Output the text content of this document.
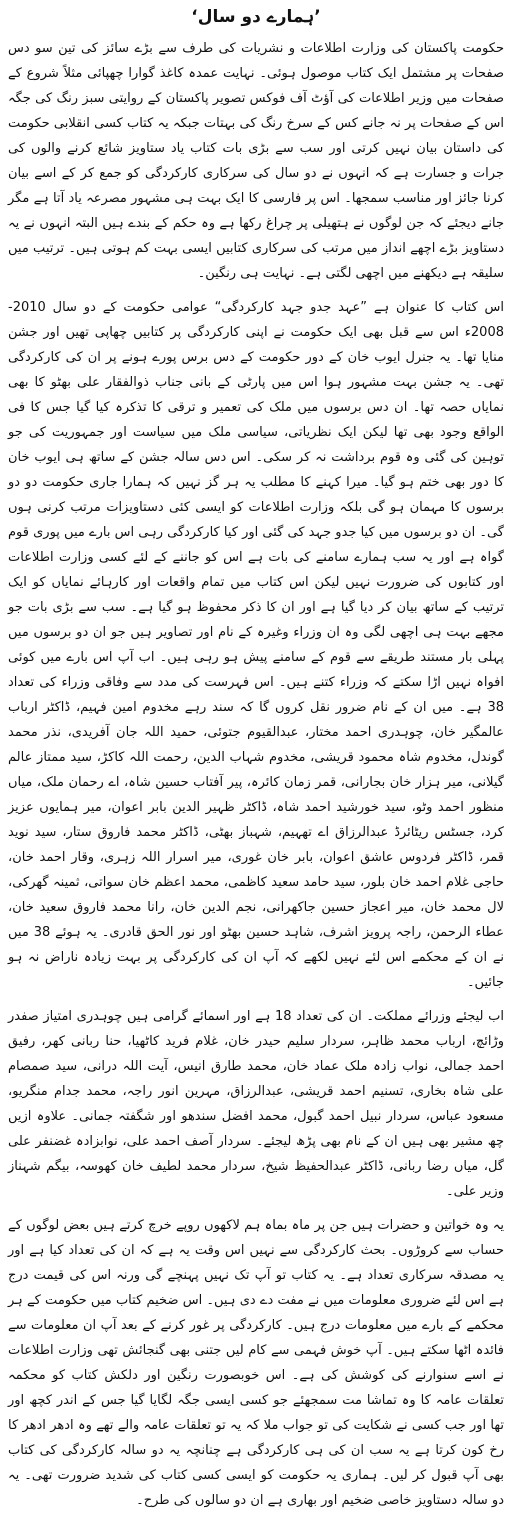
’ہمارے دو سال‘

حکومت پاکستان کی وزارت اطلاعات و نشریات کی طرف سے بڑے سائز کی تین سو دس صفحات پر مشتمل ایک کتاب موصول ہوئی۔ نہایت عمدہ کاغذ گوارا چھپائی مثلاً شروع کے صفحات میں وزیر اطلاعات کی آؤٹ آف فوکس تصویر پاکستان کے روایتی سبز رنگ کی جگہ اس کے صفحات پر نہ جانے کس کے سرخ رنگ کی بہتات جبکہ یہ کتاب کسی انقلابی حکومت کی داستان بیان نہیں کرتی اور سب سے بڑی بات کتاب یاد ستاویز شائع کرنے والوں کی جرات و جسارت ہے کہ انہوں نے دو سال کی سرکاری کارکردگی کو جمع کر کے اسے بیان کرنا جائز اور مناسب سمجھا۔ اس پر فارسی کا ایک بہت ہی مشہور مصرعہ یاد آتا ہے مگر جانے دیجئے کہ جن لوگوں نے ہتھیلی پر چراغ رکھا ہے وہ حکم کے بندے ہیں البتہ انہوں نے یہ دستاویز بڑے اچھے انداز میں مرتب کی سرکاری کتابیں ایسی بہت کم ہوتی ہیں۔ ترتیب میں سلیقہ ہے دیکھنے میں اچھی لگتی ہے۔ نہایت ہی رنگین۔

اس کتاب کا عنوان ہے ”عہد جدو جہد کارکردگی“ عوامی حکومت کے دو سال 2010-2008ء اس سے قبل بھی ایک حکومت نے اپنی کارکردگی پر کتابیں چھاپی تھیں اور جشن منایا تھا۔ یہ جنرل ایوب خان کے دور حکومت کے دس برس پورے ہونے پر ان کی کارکردگی تھی۔ یہ جشن بہت مشہور ہوا اس میں پارٹی کے بانی جناب ذوالفقار علی بھٹو کا بھی نمایاں حصہ تھا۔ ان دس برسوں میں ملک کی تعمیر و ترقی کا تذکرہ کیا گیا جس کا فی الواقع وجود بھی تھا لیکن ایک نظریاتی، سیاسی ملک میں سیاست اور جمہوریت کی جو توہین کی گئی وہ قوم برداشت نہ کر سکی۔ اس دس سالہ جشن کے ساتھ ہی ایوب خان کا دور بھی ختم ہو گیا۔ میرا کہنے کا مطلب یہ ہر گز نہیں کہ ہمارا جاری حکومت دو دو برسوں کا مہمان ہو گی بلکہ وزارت اطلاعات کو ایسی کئی دستاویزات مرتب کرنی ہوں گی۔ ان دو برسوں میں کیا جدو جہد کی گئی اور کیا کارکردگی رہی اس بارے میں پوری قوم گواہ ہے اور یہ سب ہمارے سامنے کی بات ہے اس کو جاننے کے لئے کسی وزارت اطلاعات اور کتابوں کی ضرورت نہیں لیکن اس کتاب میں تمام واقعات اور کارہائے نمایاں کو ایک ترتیب کے ساتھ بیان کر دیا گیا ہے اور ان کا ذکر محفوظ ہو گیا ہے۔ سب سے بڑی بات جو مجھے بہت ہی اچھی لگی وہ ان وزراء وغیرہ کے نام اور تصاویر ہیں جو ان دو برسوں میں پہلی بار مستند طریقے سے قوم کے سامنے پیش ہو رہی ہیں۔ اب آپ اس بارے میں کوئی افواہ نہیں اڑا سکتے کہ وزراء کتنے ہیں۔ اس فہرست کی مدد سے وفاقی وزراء کی تعداد 38 ہے۔ میں ان کے نام ضرور نقل کروں گا کہ سند رہے مخدوم امین فہیم، ڈاکٹر ارباب عالمگیر خان، چوہدری احمد مختار، عبدالقیوم جتوئی، حمید اللہ جان آفریدی، نذر محمد گوندل، مخدوم شاہ محمود قریشی، مخدوم شہاب الدین، رحمت اللہ کاکڑ، سید ممتاز عالم گیلانی، میر ہزار خان بجارانی، قمر زمان کائرہ، پیر آفتاب حسین شاہ، اے رحمان ملک، میاں منظور احمد وٹو، سید خورشید احمد شاہ، ڈاکٹر ظہیر الدین بابر اعوان، میر ہمایوں عزیز کرد، جسٹس ریٹائرڈ عبدالرزاق اے تھہیم، شہباز بھٹی، ڈاکٹر محمد فاروق ستار، سید نوید قمر، ڈاکٹر فردوس عاشق اعوان، بابر خان غوری، میر اسرار اللہ زہری، وقار احمد خان، حاجی غلام احمد خان بلور، سید حامد سعید کاظمی، محمد اعظم خان سواتی، ثمینہ گھرکی، لال محمد خان، میر اعجاز حسین جاکھرانی، نجم الدین خان، رانا محمد فاروق سعید خان، عطاء الرحمن، راجہ پرویز اشرف، شاہد حسین بھٹو اور نور الحق قادری۔ یہ ہوئے 38 میں نے ان کے محکمے اس لئے نہیں لکھے کہ آپ ان کی کارکردگی پر بہت زیادہ ناراض نہ ہو جائیں۔

اب لیجئے وزرائے مملکت۔ ان کی تعداد 18 ہے اور اسمائے گرامی ہیں چوہدری امتیاز صفدر وڑائچ، ارباب محمد ظاہر، سردار سلیم حیدر خان، غلام فرید کاٹھیا، حنا ربانی کھر، رفیق احمد جمالی، نواب زادہ ملک عماد خان، محمد طارق انیس، آیت اللہ درانی، سید صمصام علی شاہ بخاری، تسنیم احمد قریشی، عبدالرزاق، مہرین انور راجہ، محمد جدام منگریو، مسعود عباس، سردار نبیل احمد گبول، محمد افضل سندھو اور شگفتہ جمانی۔ علاوہ ازیں چھ مشیر بھی ہیں ان کے نام بھی پڑھ لیجئے۔ سردار آصف احمد علی، نوابزادہ غضنفر علی گل، میاں رضا ربانی، ڈاکٹر عبدالحفیظ شیخ، سردار محمد لطیف خان کھوسہ، بیگم شہناز وزیر علی۔

یہ وہ خواتین و حضرات ہیں جن پر ماہ بماہ ہم لاکھوں روپے خرچ کرتے ہیں بعض لوگوں کے حساب سے کروڑوں۔ بحث کارکردگی سے نہیں اس وقت یہ ہے کہ ان کی تعداد کیا ہے اور یہ مصدقہ سرکاری تعداد ہے۔ یہ کتاب تو آپ تک نہیں پہنچے گی ورنہ اس کی قیمت درج ہے اس لئے ضروری معلومات میں نے مفت دے دی ہیں۔ اس ضخیم کتاب میں حکومت کے ہر محکمے کے بارے میں معلومات درج ہیں۔ کارکردگی پر غور کرنے کے بعد آپ ان معلومات سے فائدہ اٹھا سکتے ہیں۔ آپ خوش فہمی سے کام لیں جتنی بھی گنجائش تھی وزارت اطلاعات نے اسے سنوارنے کی کوشش کی ہے۔ اس خوبصورت رنگین اور دلکش کتاب کو محکمہ تعلقات عامہ کا وہ تماشا مت سمجھئے جو کسی ایسی جگہ لگایا گیا جس کے اندر کچھ اور تھا اور جب کسی نے شکایت کی تو جواب ملا کہ یہ تو تعلقات عامہ والے تھے وہ ادھر ادھر کا رخ کون کرتا ہے یہ سب ان کی ہی کارکردگی ہے چنانچہ یہ دو سالہ کارکردگی کی کتاب بھی آپ قبول کر لیں۔ ہماری یہ حکومت کو ایسی کسی کتاب کی شدید ضرورت تھی۔ یہ دو سالہ دستاویز خاصی ضخیم اور بھاری ہے ان دو سالوں کی طرح۔
